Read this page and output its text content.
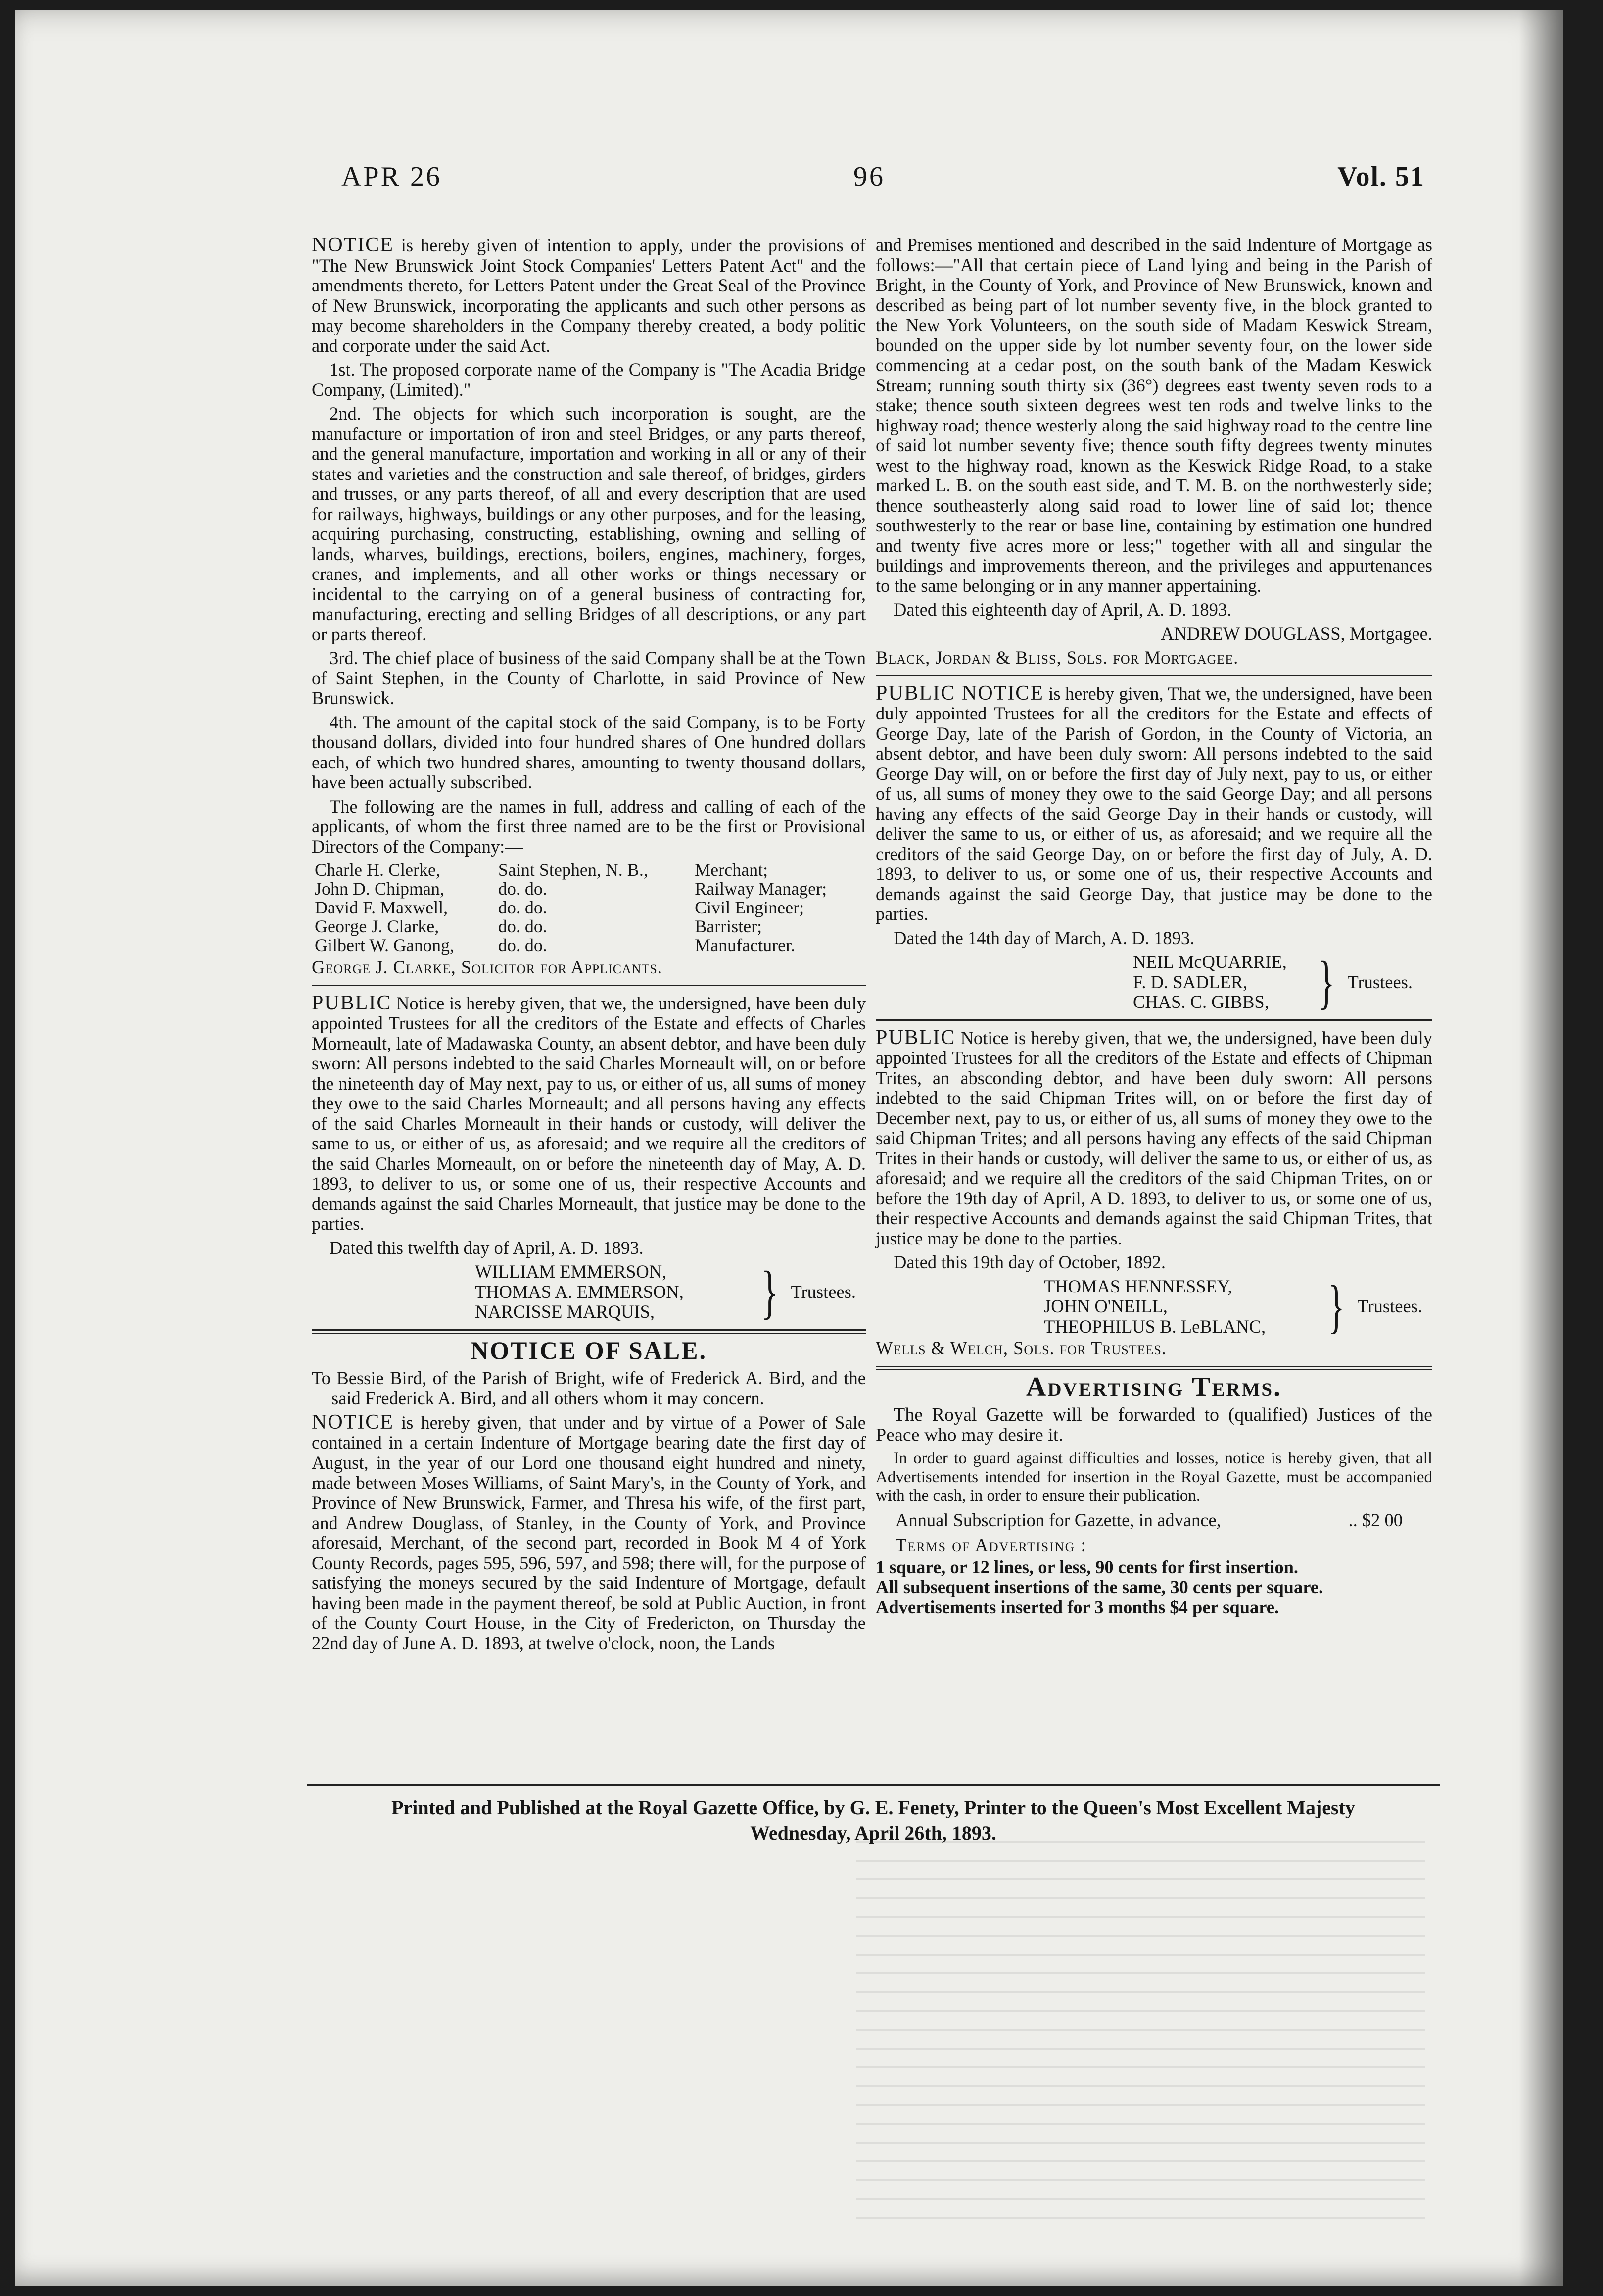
APR 26	96	Vol. 51

NOTICE is hereby given of intention to apply, under the provisions of "The New Brunswick Joint Stock Companies' Letters Patent Act" and the amendments thereto, for Letters Patent under the Great Seal of the Province of New Brunswick, incorporating the applicants and such other persons as may become shareholders in the Company thereby created, a body politic and corporate under the said Act.

1st. The proposed corporate name of the Company is "The Acadia Bridge Company, (Limited)."

2nd. The objects for which such incorporation is sought, are the manufacture or importation of iron and steel Bridges, or any parts thereof, and the general manufacture, importation and working in all or any of their states and varieties and the construction and sale thereof, of bridges, girders and trusses, or any parts thereof, of all and every description that are used for railways, highways, buildings or any other purposes, and for the leasing, acquiring purchasing, constructing, establishing, owning and selling of lands, wharves, buildings, erections, boilers, engines, machinery, forges, cranes, and implements, and all other works or things necessary or incidental to the carrying on of a general business of contracting for, manufacturing, erecting and selling Bridges of all descriptions, or any part or parts thereof.

3rd. The chief place of business of the said Company shall be at the Town of Saint Stephen, in the County of Charlotte, in said Province of New Brunswick.

4th. The amount of the capital stock of the said Company, is to be Forty thousand dollars, divided into four hundred shares of One hundred dollars each, of which two hundred shares, amounting to twenty thousand dollars, have been actually subscribed.

The following are the names in full, address and calling of each of the applicants, of whom the first three named are to be the first or Provisional Directors of the Company:—

Charle H. Clerke,	Saint Stephen, N. B.,	Merchant;
John D. Chipman,	do. do.	Railway Manager;
David F. Maxwell,	do. do.	Civil Engineer;
George J. Clarke,	do. do.	Barrister;
Gilbert W. Ganong,	do. do.	Manufacturer.

George J. Clarke, Solicitor for Applicants.

PUBLIC Notice is hereby given, that we, the undersigned, have been duly appointed Trustees for all the creditors of the Estate and effects of Charles Morneault, late of Madawaska County, an absent debtor, and have been duly sworn: All persons indebted to the said Charles Morneault will, on or before the nineteenth day of May next, pay to us, or either of us, all sums of money they owe to the said Charles Morneault; and all persons having any effects of the said Charles Morneault in their hands or custody, will deliver the same to us, or either of us, as aforesaid; and we require all the creditors of the said Charles Morneault, on or before the nineteenth day of May, A. D. 1893, to deliver to us, or some one of us, their respective Accounts and demands against the said Charles Morneault, that justice may be done to the parties.

Dated this twelfth day of April, A. D. 1893.

WILLIAM EMMERSON,
THOMAS A. EMMERSON,
NARCISSE MARQUIS,	} Trustees.
NOTICE OF SALE.

To Bessie Bird, of the Parish of Bright, wife of Frederick A. Bird, and the said Frederick A. Bird, and all others whom it may concern.

NOTICE is hereby given, that under and by virtue of a Power of Sale contained in a certain Indenture of Mortgage bearing date the first day of August, in the year of our Lord one thousand eight hundred and ninety, made between Moses Williams, of Saint Mary's, in the County of York, and Province of New Brunswick, Farmer, and Thresa his wife, of the first part, and Andrew Douglass, of Stanley, in the County of York, and Province aforesaid, Merchant, of the second part, recorded in Book M 4 of York County Records, pages 595, 596, 597, and 598; there will, for the purpose of satisfying the moneys secured by the said Indenture of Mortgage, default having been made in the payment thereof, be sold at Public Auction, in front of the County Court House, in the City of Fredericton, on Thursday the 22nd day of June A. D. 1893, at twelve o'clock, noon, the Lands

and Premises mentioned and described in the said Indenture of Mortgage as follows:—"All that certain piece of Land lying and being in the Parish of Bright, in the County of York, and Province of New Brunswick, known and described as being part of lot number seventy five, in the block granted to the New York Volunteers, on the south side of Madam Keswick Stream, bounded on the upper side by lot number seventy four, on the lower side commencing at a cedar post, on the south bank of the Madam Keswick Stream; running south thirty six (36°) degrees east twenty seven rods to a stake; thence south sixteen degrees west ten rods and twelve links to the highway road; thence westerly along the said highway road to the centre line of said lot number seventy five; thence south fifty degrees twenty minutes west to the highway road, known as the Keswick Ridge Road, to a stake marked L. B. on the south east side, and T. M. B. on the northwesterly side; thence southeasterly along said road to lower line of said lot; thence southwesterly to the rear or base line, containing by estimation one hundred and twenty five acres more or less;" together with all and singular the buildings and improvements thereon, and the privileges and appurtenances to the same belonging or in any manner appertaining.

Dated this eighteenth day of April, A. D. 1893.

ANDREW DOUGLASS, Mortgagee.

Black, Jordan & Bliss, Sols. for Mortgagee.

PUBLIC NOTICE is hereby given, That we, the undersigned, have been duly appointed Trustees for all the creditors for the Estate and effects of George Day, late of the Parish of Gordon, in the County of Victoria, an absent debtor, and have been duly sworn: All persons indebted to the said George Day will, on or before the first day of July next, pay to us, or either of us, all sums of money they owe to the said George Day; and all persons having any effects of the said George Day in their hands or custody, will deliver the same to us, or either of us, as aforesaid; and we require all the creditors of the said George Day, on or before the first day of July, A. D. 1893, to deliver to us, or some one of us, their respective Accounts and demands against the said George Day, that justice may be done to the parties.

Dated the 14th day of March, A. D. 1893.

NEIL McQUARRIE,
F. D. SADLER,
CHAS. C. GIBBS, } Trustees.

PUBLIC Notice is hereby given, that we, the undersigned, have been duly appointed Trustees for all the creditors of the Estate and effects of Chipman Trites, an absconding debtor, and have been duly sworn: All persons indebted to the said Chipman Trites will, on or before the first day of December next, pay to us, or either of us, all sums of money they owe to the said Chipman Trites; and all persons having any effects of the said Chipman Trites in their hands or custody, will deliver the same to us, or either of us, as aforesaid; and we require all the creditors of the said Chipman Trites, on or before the 19th day of April, A D. 1893, to deliver to us, or some one of us, their respective Accounts and demands against the said Chipman Trites, that justice may be done to the parties.

Dated this 19th day of October, 1892.

THOMAS HENNESSEY,
JOHN O'NEILL,
THEOPHILUS B. LeBLANC,	} Trustees.

Wells & Welch, Sols. for Trustees.

Advertising Terms.

The Royal Gazette will be forwarded to (qualified) Justices of the Peace who may desire it.

In order to guard against difficulties and losses, notice is hereby given, that all Advertisements intended for insertion in the Royal Gazette, must be accompanied with the cash, in order to ensure their publication.

Annual Subscription for Gazette, in advance,	.. $2 00
Terms of Advertising :

1 square, or 12 lines, or less, 90 cents for first insertion.

All subsequent insertions of the same, 30 cents per square.

Advertisements inserted for 3 months $4 per square.

Printed and Published at the Royal Gazette Office, by G. E. Fenety, Printer to the Queen's Most Excellent Majesty

Wednesday, April 26th, 1893.
